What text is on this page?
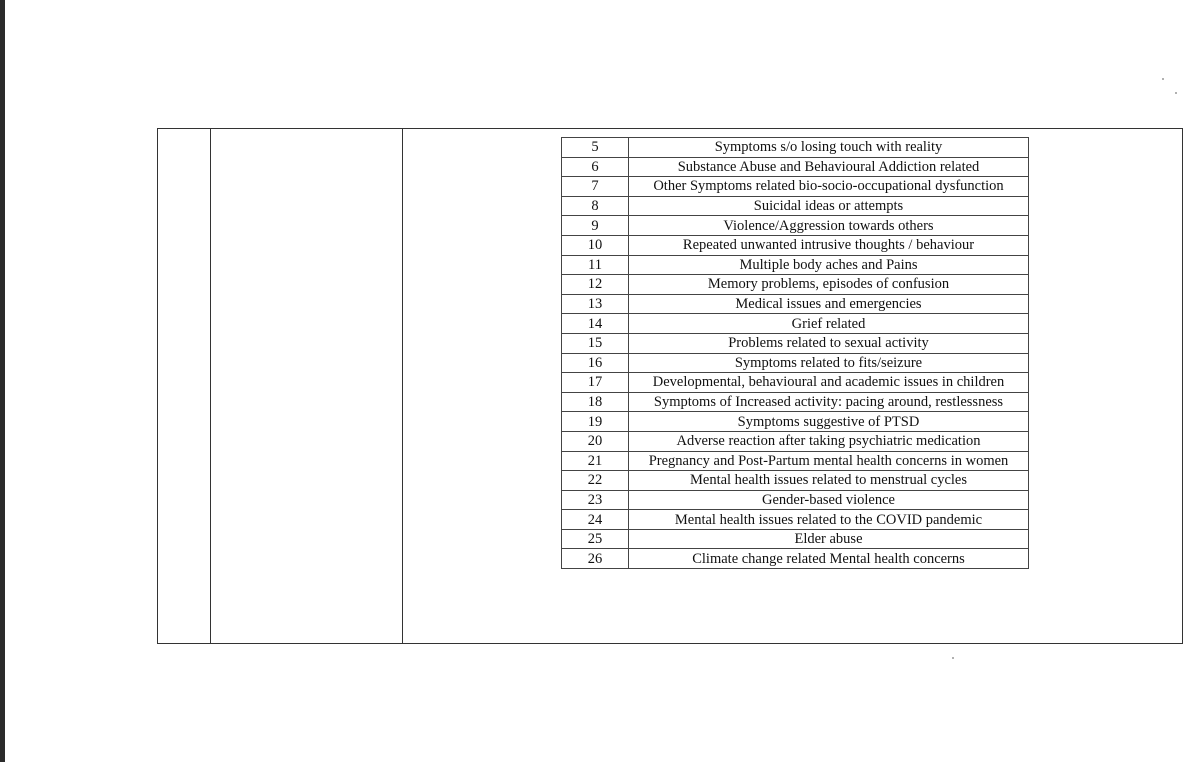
5	Symptoms s/o losing touch with reality
6	Substance Abuse and Behavioural Addiction related
7	Other Symptoms related bio-socio-occupational dysfunction
8	Suicidal ideas or attempts
9	Violence/Aggression towards others
10	Repeated unwanted intrusive thoughts / behaviour
11	Multiple body aches and Pains
12	Memory problems, episodes of confusion
13	Medical issues and emergencies
14	Grief related
15	Problems related to sexual activity
16	Symptoms related to fits/seizure
17	Developmental, behavioural and academic issues in children
18	Symptoms of Increased activity: pacing around, restlessness
19	Symptoms suggestive of PTSD
20	Adverse reaction after taking psychiatric medication
21	Pregnancy and Post-Partum mental health concerns in women
22	Mental health issues related to menstrual cycles
23	Gender-based violence
24	Mental health issues related to the COVID pandemic
25	Elder abuse
26	Climate change related Mental health concerns
